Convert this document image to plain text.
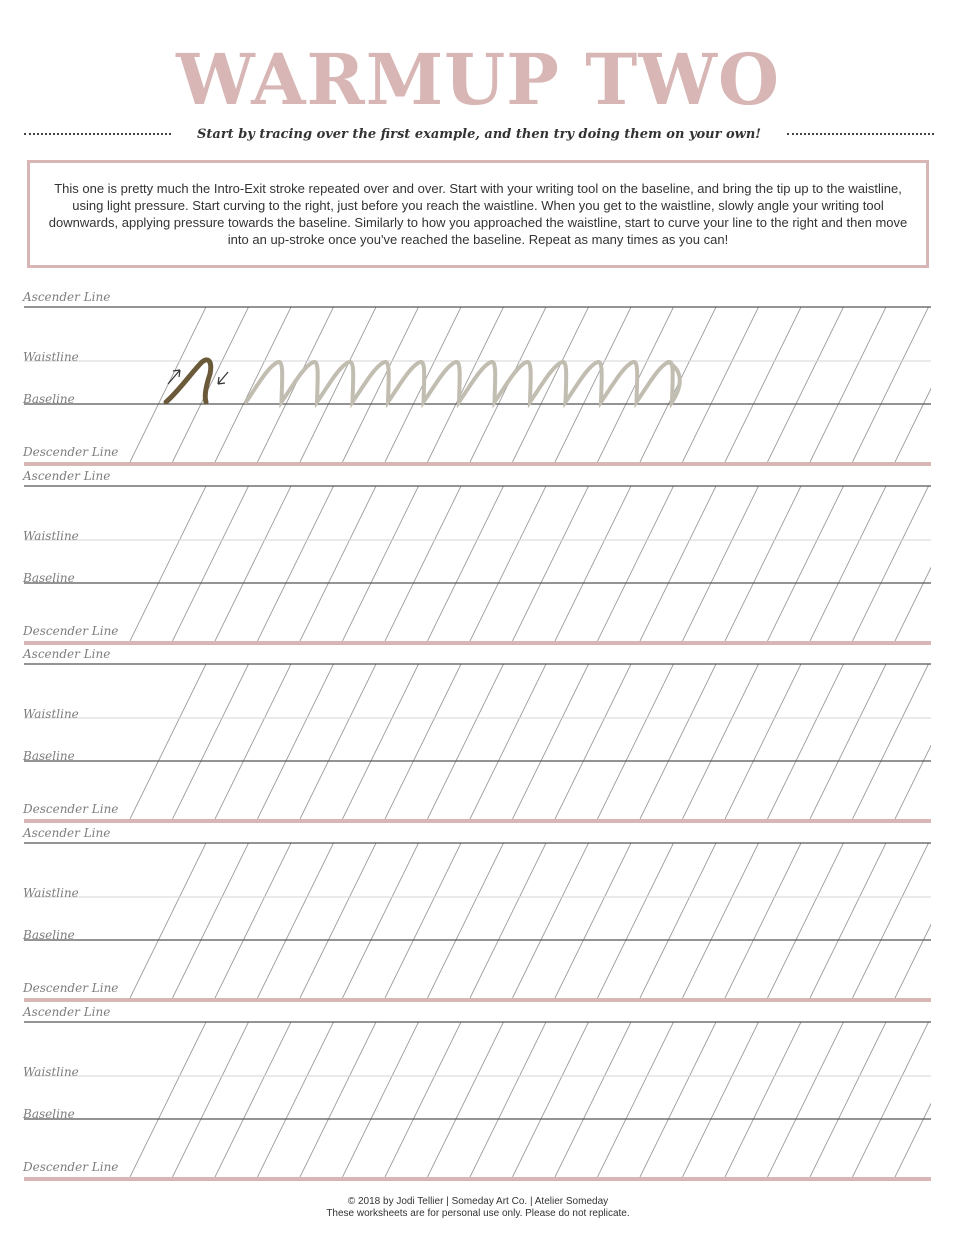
WARMUP TWO
Start by tracing over the first example, and then try doing them on your own!
This one is pretty much the Intro-Exit stroke repeated over and over. Start with your writing tool on the baseline, and bring the tip up to the waistline, using light pressure. Start curving to the right, just before you reach the waistline. When you get to the waistline, slowly angle your writing tool downwards, applying pressure towards the baseline. Similarly to how you approached the waistline, start to curve your line to the right and then move into an up-stroke once you've reached the baseline. Repeat as many times as you can!
Ascender Line
Waistline
Baseline
Descender Line
Ascender Line
Waistline
Baseline
Descender Line
Ascender Line
Waistline
Baseline
Descender Line
Ascender Line
Waistline
Baseline
Descender Line
Ascender Line
Waistline
Baseline
Descender Line
© 2018 by Jodi Tellier | Someday Art Co. | Atelier Someday
These worksheets are for personal use only. Please do not replicate.
